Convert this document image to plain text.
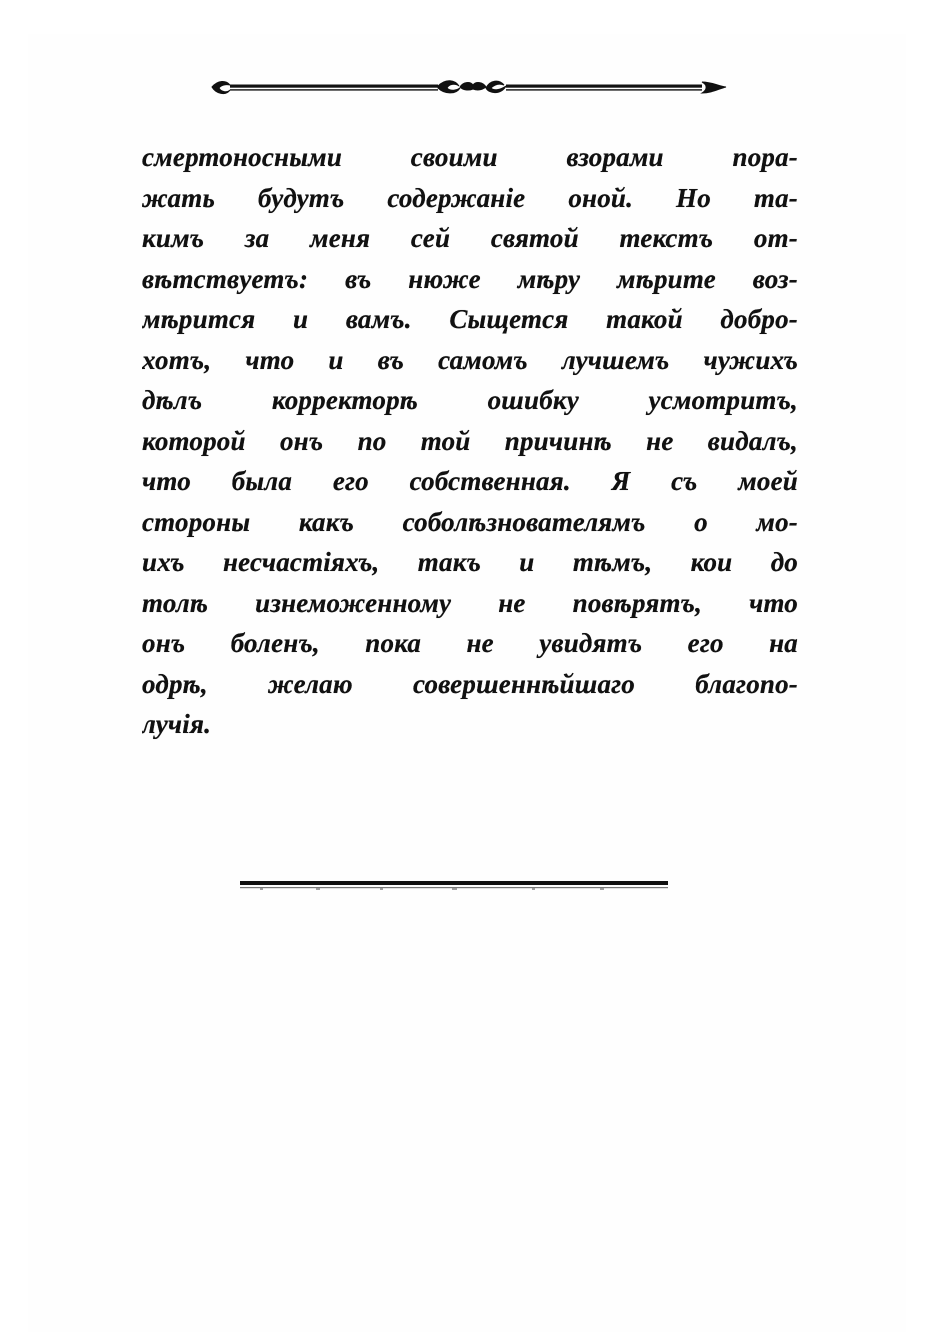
смертоносными своими взорами пора-
жать будутъ содержаніе оной. Но та-
кимъ за меня сей святой текстъ от-
вѣтствуетъ: въ нюже мѣру мѣрите воз-
мѣрится и вамъ. Сыщется такой добро-
хотъ, что и въ самомъ лучшемъ чужихъ
дѣлъ корректорѣ ошибку усмотритъ,
которой онъ по той причинѣ не видалъ,
что была его собственная. Я съ моей
стороны какъ соболѣзнователямъ о мо-
ихъ несчастіяхъ, такъ и тѣмъ, кои до
толѣ изнеможенному не повѣрятъ, что
онъ боленъ, пока не увидятъ его на
одрѣ, желаю совершеннѣйшаго благопо-
лучія.
